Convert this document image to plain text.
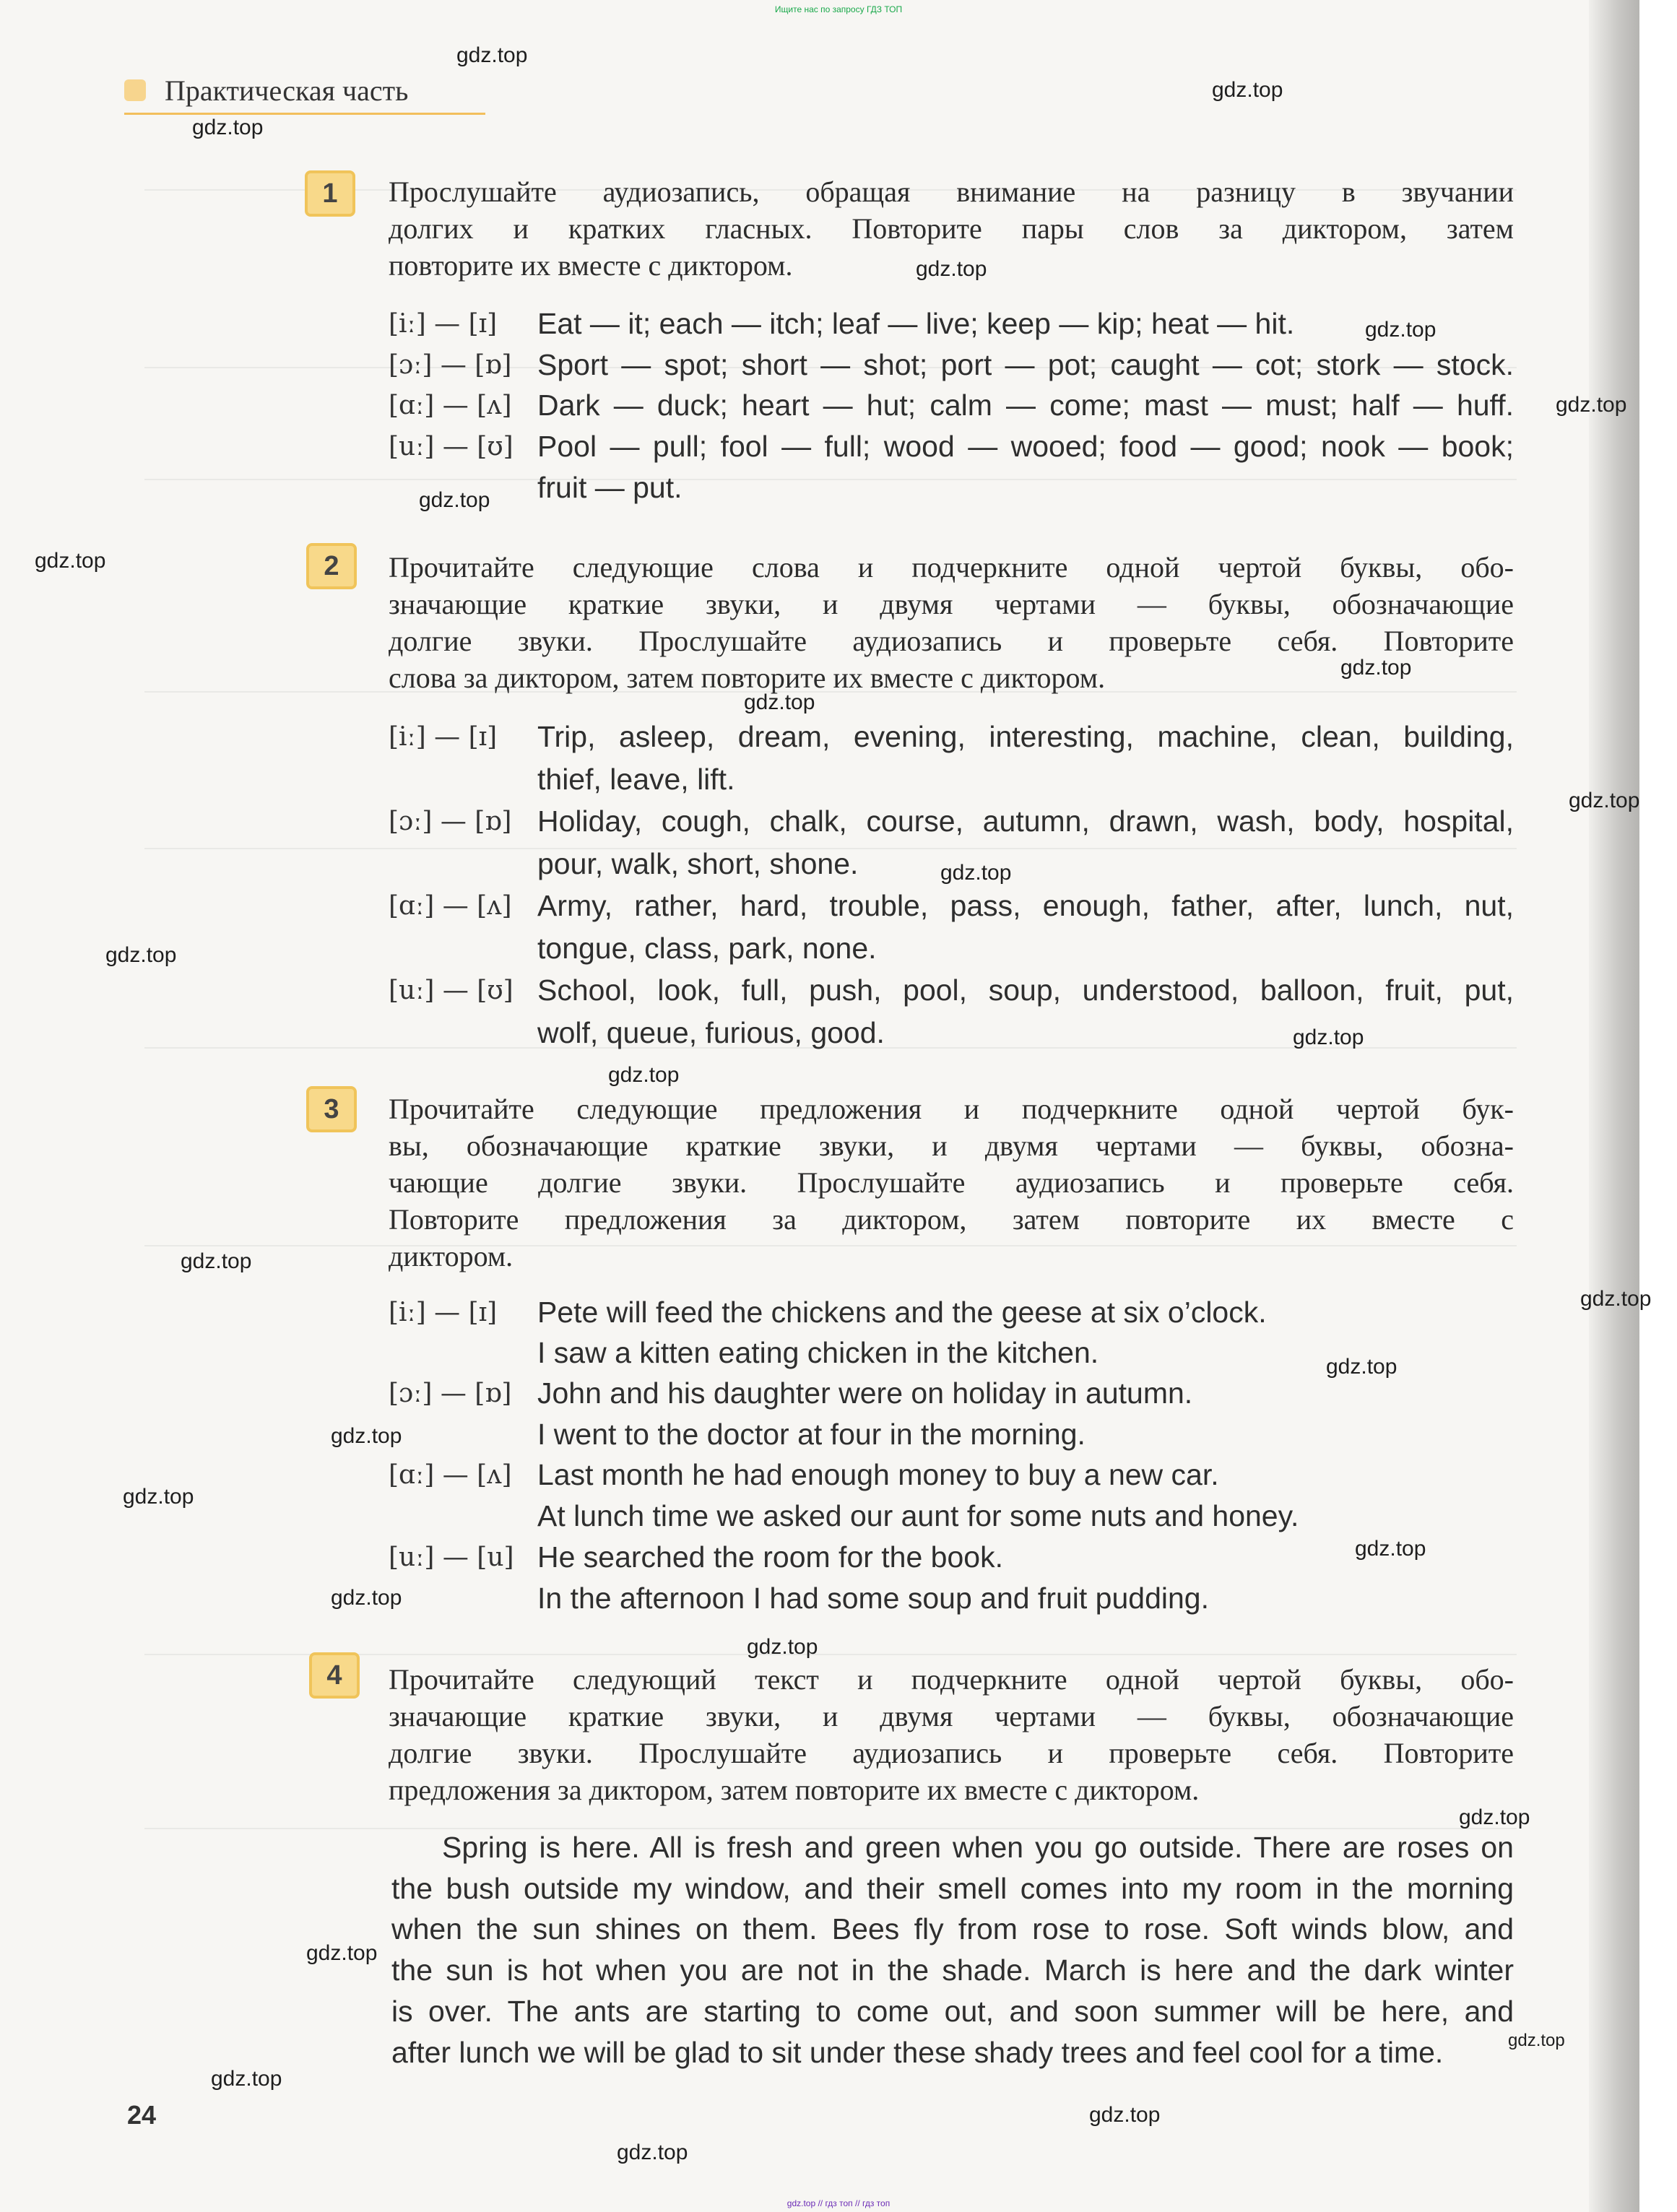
Ищите нас по запросу ГДЗ ТОП
Практическая часть
1	Прослушайте аудиозапись, обращая внимание на разницу в звучании
долгих и кратких гласных. Повторите пары слов за диктором, затем
повторите их вместе с диктором.
[iː] — [ɪ] Eat — it; each — itch; leaf — live; keep — kip; heat — hit.
[ɔː] — [ɒ] Sport — spot; short — shot; port — pot; caught — cot; stork — stock.
[ɑː] — [ʌ] Dark — duck; heart — hut; calm — come; mast — must; half — huff.
[uː] — [ʊ] Pool — pull; fool — full; wood — wooed; food — good; nook — book;
fruit — put.
2	Прочитайте следующие слова и подчеркните одной чертой буквы, обо-
значающие краткие звуки, и двумя чертами — буквы, обозначающие
долгие звуки. Прослушайте аудиозапись и проверьте себя. Повторите
слова за диктором, затем повторите их вместе с диктором.
[iː] — [ɪ] Trip, asleep, dream, evening, interesting, machine, clean, building,
thief, leave, lift.
[ɔː] — [ɒ] Holiday, cough, chalk, course, autumn, drawn, wash, body, hospital,
pour, walk, short, shone.
[ɑː] — [ʌ] Army, rather, hard, trouble, pass, enough, father, after, lunch, nut,
tongue, class, park, none.
[uː] — [ʊ] School, look, full, push, pool, soup, understood, balloon, fruit, put,
wolf, queue, furious, good.
3	Прочитайте следующие предложения и подчеркните одной чертой бук-
вы, обозначающие краткие звуки, и двумя чертами — буквы, обозна-
чающие долгие звуки. Прослушайте аудиозапись и проверьте себя.
Повторите предложения за диктором, затем повторите их вместе с
диктором.
[iː] — [ɪ] Pete will feed the chickens and the geese at six o’clock.
I saw a kitten eating chicken in the kitchen.
[ɔː] — [ɒ] John and his daughter were on holiday in autumn.
I went to the doctor at four in the morning.
[ɑː] — [ʌ] Last month he had enough money to buy a new car.
At lunch time we asked our aunt for some nuts and honey.
[uː] — [u] He searched the room for the book.
In the afternoon I had some soup and fruit pudding.
4	Прочитайте следующий текст и подчеркните одной чертой буквы, обо-
значающие краткие звуки, и двумя чертами — буквы, обозначающие
долгие звуки. Прослушайте аудиозапись и проверьте себя. Повторите
предложения за диктором, затем повторите их вместе с диктором.
Spring is here. All is fresh and green when you go outside. There are roses on
the bush outside my window, and their smell comes into my room in the morning
when the sun shines on them. Bees fly from rose to rose. Soft winds blow, and
the sun is hot when you are not in the shade. March is here and the dark winter
is over. The ants are starting to come out, and soon summer will be here, and
after lunch we will be glad to sit under these shady trees and feel cool for a time.
24
gdz.top
gdz.top
gdz.top
gdz.top
gdz.top
gdz.top
gdz.top
gdz.top
gdz.top
gdz.top
gdz.top
gdz.top
gdz.top
gdz.top
gdz.top
gdz.top
gdz.top
gdz.top
gdz.top
gdz.top
gdz.top
gdz.top
gdz.top
gdz.top
gdz.top
gdz.top
gdz.top
gdz.top
gdz.top
gdz.top // гдз топ // гдз топ
